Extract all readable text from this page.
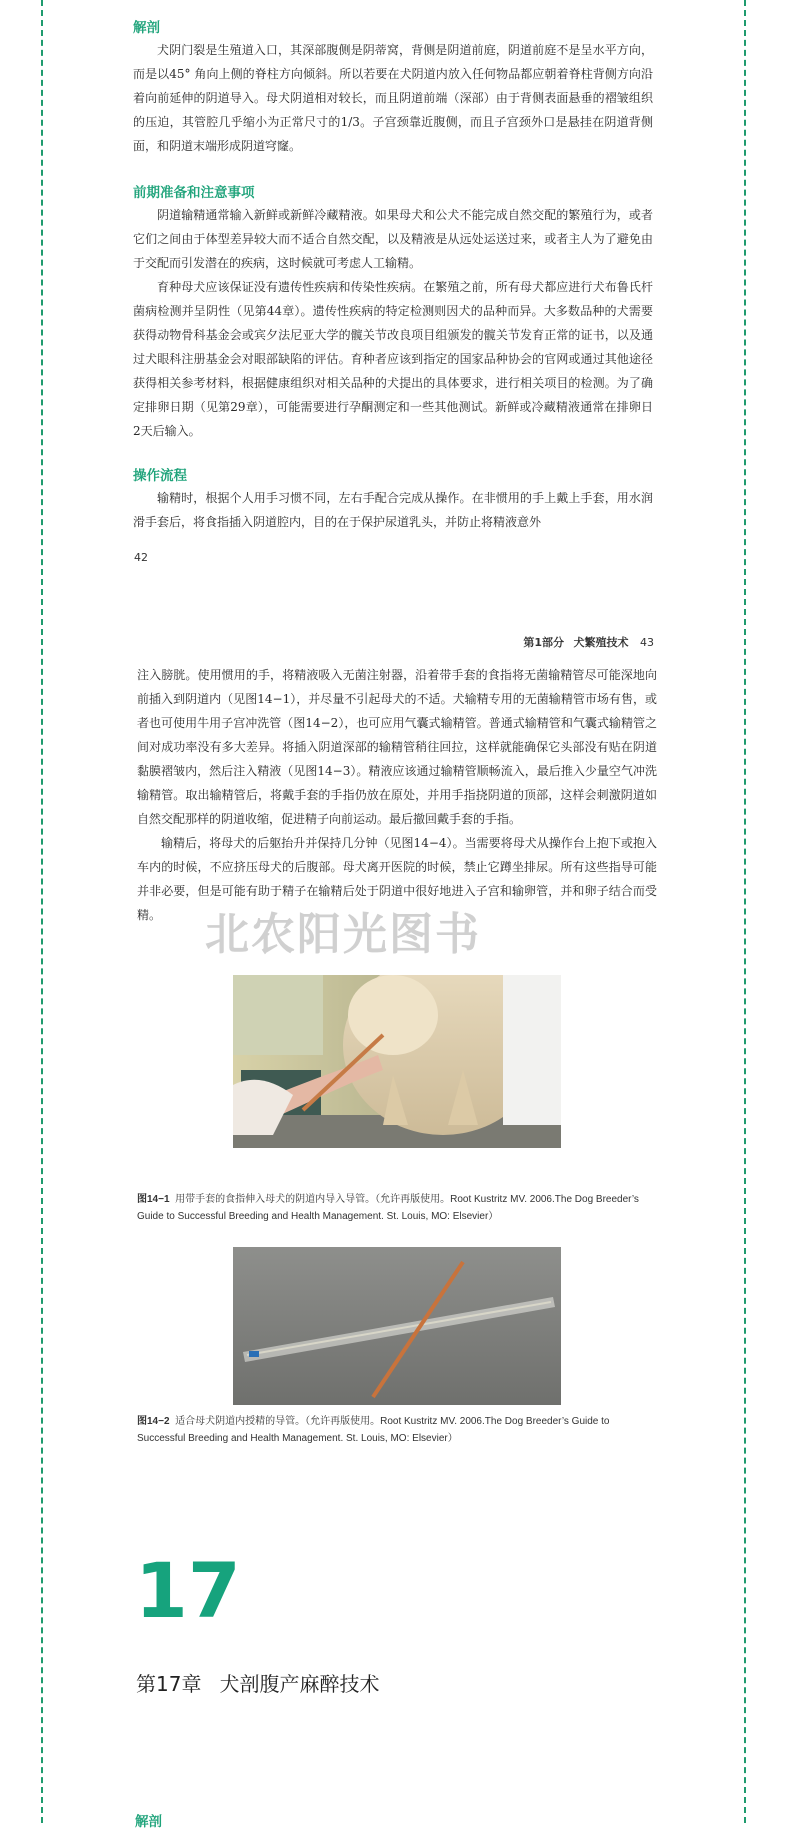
解剖

犬阴门裂是生殖道入口，其深部腹侧是阴蒂窝，背侧是阴道前庭，阴道前庭不是呈水平方向，而是以45° 角向上侧的脊柱方向倾斜。所以若要在犬阴道内放入任何物品都应朝着脊柱背侧方向沿着向前延伸的阴道导入。母犬阴道相对较长，而且阴道前端（深部）由于背侧表面悬垂的褶皱组织的压迫，其管腔几乎缩小为正常尺寸的1/3。子宫颈靠近腹侧，而且子宫颈外口是悬挂在阴道背侧面，和阴道末端形成阴道穹窿。

前期准备和注意事项

阴道输精通常输入新鲜或新鲜冷藏精液。如果母犬和公犬不能完成自然交配的繁殖行为，或者它们之间由于体型差异较大而不适合自然交配，以及精液是从远处运送过来，或者主人为了避免由于交配而引发潜在的疾病，这时候就可考虑人工输精。

育种母犬应该保证没有遗传性疾病和传染性疾病。在繁殖之前，所有母犬都应进行犬布鲁氏杆菌病检测并呈阴性（见第44章）。遗传性疾病的特定检测则因犬的品种而异。大多数品种的犬需要获得动物骨科基金会或宾夕法尼亚大学的髋关节改良项目组颁发的髋关节发育正常的证书，以及通过犬眼科注册基金会对眼部缺陷的评估。育种者应该到指定的国家品种协会的官网或通过其他途径获得相关参考材料，根据健康组织对相关品种的犬提出的具体要求，进行相关项目的检测。为了确定排卵日期（见第29章），可能需要进行孕酮测定和一些其他测试。新鲜或冷藏精液通常在排卵日2天后输入。

操作流程

输精时，根据个人用手习惯不同，左右手配合完成从操作。在非惯用的手上戴上手套，用水润滑手套后，将食指插入阴道腔内，目的在于保护尿道乳头，并防止将精液意外

42
第1部分 犬繁殖技术 43

注入膀胱。使用惯用的手，将精液吸入无菌注射器，沿着带手套的食指将无菌输精管尽可能深地向前插入到阴道内（见图14−1），并尽量不引起母犬的不适。犬输精专用的无菌输精管市场有售，或者也可使用牛用子宫冲洗管（图14−2），也可应用气囊式输精管。普通式输精管和气囊式输精管之间对成功率没有多大差异。将插入阴道深部的输精管稍往回拉，这样就能确保它头部没有贴在阴道黏膜褶皱内，然后注入精液（见图14−3）。精液应该通过输精管顺畅流入，最后推入少量空气冲洗输精管。取出输精管后，将戴手套的手指仍放在原处，并用手指挠阴道的顶部，这样会刺激阴道如自然交配那样的阴道收缩，促进精子向前运动。最后撤回戴手套的手指。

输精后，将母犬的后躯抬升并保持几分钟（见图14−4）。当需要将母犬从操作台上抱下或抱入车内的时候，不应挤压母犬的后腹部。母犬离开医院的时候，禁止它蹲坐排尿。所有这些指导可能并非必要，但是可能有助于精子在输精后处于阴道中很好地进入子宫和输卵管，并和卵子结合而受精。 北农阳光图书

图14−1 用带手套的食指伸入母犬的阴道内导入导管。（允许再版使用。Root Kustritz MV. 2006.The Dog Breeder’s Guide to Successful Breeding and Health Management. St. Louis, MO: Elsevier）

图14−2 适合母犬阴道内授精的导管。（允许再版使用。Root Kustritz MV. 2006.The Dog Breeder’s Guide to Successful Breeding and Health Management. St. Louis, MO: Elsevier）

17
第17章 犬剖腹产麻醉技术
解剖
